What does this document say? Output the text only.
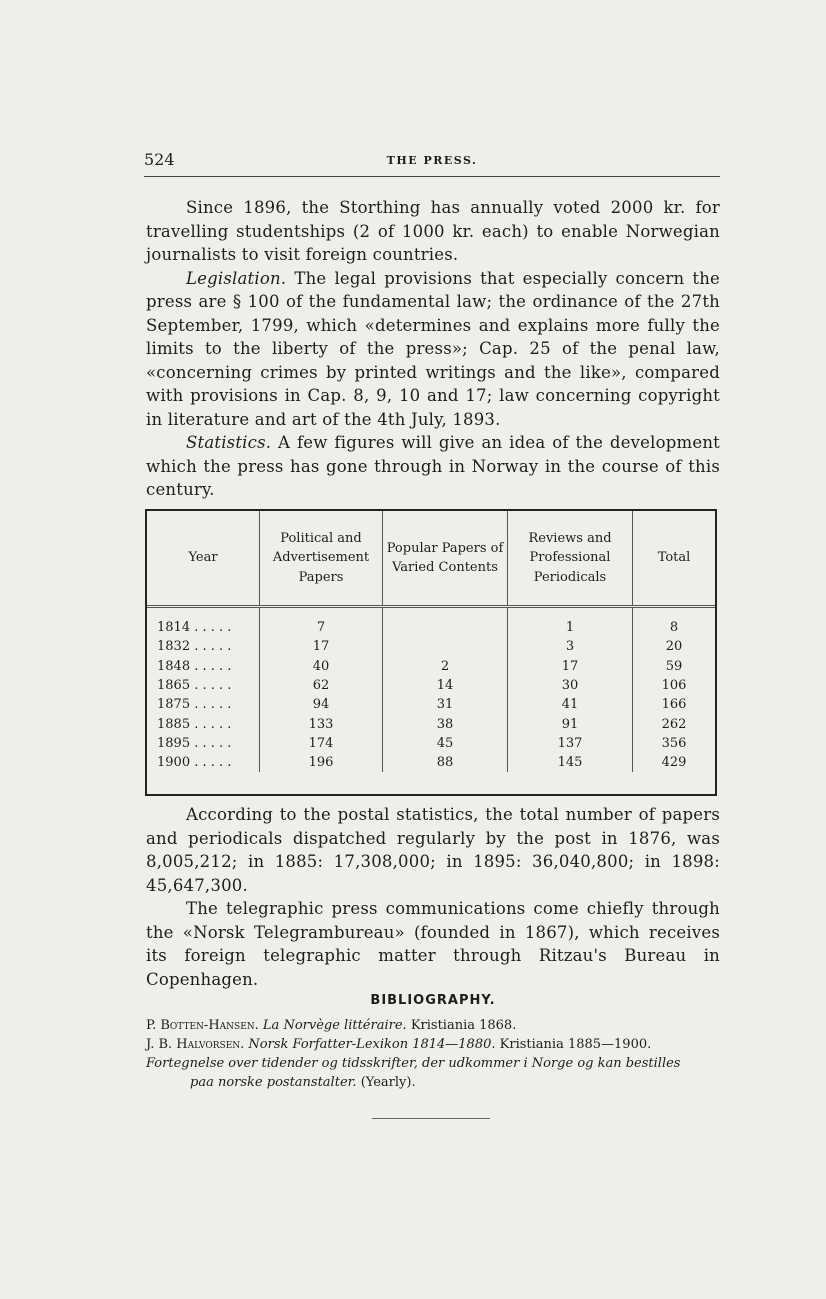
524	THE PRESS.

Since 1896, the Storthing has annually voted 2000 kr. for travelling studentships (2 of 1000 kr. each) to enable Norwegian journalists to visit foreign countries.

Legislation. The legal provisions that especially concern the press are § 100 of the fundamental law; the ordinance of the 27th September, 1799, which «determines and explains more fully the limits to the liberty of the press»; Cap. 25 of the penal law, «concerning crimes by printed writings and the like», compared with provisions in Cap. 8, 9, 10 and 17; law concerning copyright in literature and art of the 4th July, 1893.

Statistics. A few figures will give an idea of the development which the press has gone through in Norway in the course of this century.

Year	Political and Advertisement Papers	Popular Papers of Varied Contents	Reviews and Professional Periodicals	Total
1814 . . . . .	7		1	8
1832 . . . . .	17		3	20
1848 . . . . .	40	2	17	59
1865 . . . . .	62	14	30	106
1875 . . . . .	94	31	41	166
1885 . . . . .	133	38	91	262
1895 . . . . .	174	45	137	356
1900 . . . . .	196	88	145	429

According to the postal statistics, the total number of papers and periodicals dispatched regularly by the post in 1876, was 8,005,212; in 1885: 17,308,000; in 1895: 36,040,800; in 1898: 45,647,300.

The telegraphic press communications come chiefly through the «Norsk Telegrambureau» (founded in 1867), which receives its foreign telegraphic matter through Ritzau's Bureau in Copenhagen.

BIBLIOGRAPHY.
P. Botten-Hansen. La Norvège littéraire. Kristiania 1868.
J. B. Halvorsen. Norsk Forfatter-Lexikon 1814—1880. Kristiania 1885—1900.
Fortegnelse over tidender og tidsskrifter, der udkommer i Norge og kan bestilles
paa norske postanstalter. (Yearly).
